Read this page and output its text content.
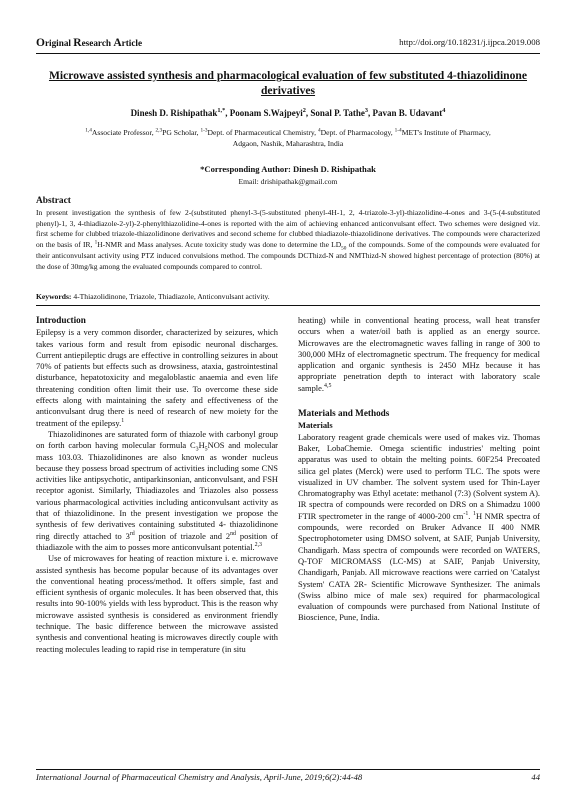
Original Research Article	http://doi.org/10.18231/j.ijpca.2019.008
Microwave assisted synthesis and pharmacological evaluation of few substituted 4-thiazolidinone derivatives
Dinesh D. Rishipathak$^{1,*}$, Poonam S.Wajpeyi$^2$, Sonal P. Tathe$^3$, Pavan B. Udavant$^4$
$^{1,4}$Associate Professor, $^{2,3}$PG Scholar, $^{1-3}$Dept. of Pharmaceutical Chemistry, $^4$Dept. of Pharmacology, $^{1-4}$MET's Institute of Pharmacy,
Adgaon, Nashik, Maharashtra, India
*Corresponding Author: Dinesh D. Rishipathak
Email: drishipathak@gmail.com
Abstract

In present investigation the synthesis of few 2-(substituted phenyl-3-(5-substituted phenyl-4H-1, 2, 4-triazole-3-yl)-thiazolidine-4-ones and 3-(5-(4-substituted phenyl)-1, 3, 4-thiadiazole-2-yl)-2-phenylthiazolidine-4-ones is reported with the aim of achieving enhanced anticonvulsant effect. Two schemes were designed viz. first scheme for clubbed triazole-thiazolidinone derivatives and second scheme for clubbed thiadiazole-thiazolidinone derivatives. The compounds were characterized on the basis of IR, $^1$H-NMR and Mass analyses. Acute toxicity study was done to determine the $LD_{50}$ of the compounds. Some of the compounds were evaluated for their anticonvulsant activity using PTZ induced convulsions method. The compounds DCThizd-N and NMThizd-N showed highest percentage of protection (80%) at the dose of 30mg/kg among the evaluated compounds compared to control.

Keywords: 4-Thiazolidinone, Triazole, Thiadiazole, Anticonvulsant activity.

Introduction

Epilepsy is a very common disorder, characterized by seizures, which takes various form and result from episodic neuronal discharges. Current antiepileptic drugs are effective in controlling seizures in about 70% of patients but effects such as drowsiness, ataxia, gastrointestinal disturbance, hepatotoxicity and megaloblastic anaemia and even life threatening condition often limit their use. To overcome these side effects along with maintaining the safety and effectiveness of the anticonvulsant drug there is need of research of new moiety for the treatment of the epilepsy.$^1$

Thiazolidinones are saturated form of thiazole with carbonyl group on forth carbon having molecular formula $C_3H_5NOS$ and molecular mass 103.03. Thiazolidinones are also known as wonder nucleus because they possess broad spectrum of activities including some CNS activities like antipsychotic, antiparkinsonian, anticonvulsant, and FSH receptor agonist. Similarly, Thiadiazoles and Triazoles also possess various pharmacological activities including anticonvulsant activity as that of thiazolidinone. In the present investigation we propose the synthesis of few derivatives containing substituted 4- thiazolidinone ring directly attached to 3rd position of triazole and 2nd position of thiadiazole with the aim to posses more anticonvulsant potential.$^{2,3}$

Use of microwaves for heating of reaction mixture i. e. microwave assisted synthesis has become popular because of its advantages over the conventional heating process/method. It offers simple, fast and efficient synthesis of organic molecules. It has been observed that, this results into 90-100% yields with less byproduct. This is the reason why microwave assisted synthesis is considered as environment friendly technique. The basic difference between the microwave assisted synthesis and conventional heating is microwaves directly couple with reacting molecules leading to rapid rise in temperature (in situ

heating) while in conventional heating process, wall heat transfer occurs when a water/oil bath is applied as an energy source. Microwaves are the electromagnetic waves falling in range of 300 to 300,000 MHz of electromagnetic spectrum. The frequency for medical application and organic synthesis is 2450 MHz because it has appropriate penetration depth to interact with laboratory scale sample.$^{4,5}$

Materials and Methods

Materials

Laboratory reagent grade chemicals were used of makes viz. Thomas Baker, LobaChemie. Omega scientific industries' melting point apparatus was used to obtain the melting points. 60F254 Precoated silica gel plates (Merck) were used to perform TLC. The spots were visualized in UV chamber. The solvent system used for Thin-Layer Chromatography was Ethyl acetate: methanol (7:3) (Solvent system A). IR spectra of compounds were recorded on DRS on a Shimadzu 1000 FTIR spectrometer in the range of 4000-200 $cm^{-1}$. $^1$H NMR spectra of compounds, were recorded on Bruker Advance II 400 NMR Spectrophotometer using DMSO solvent, at SAIF, Punjab University, Chandigarh. Mass spectra of compounds were recorded on WATERS, Q-TOF MICROMASS (LC-MS) at SAIF, Panjab University, Chandigarh, Panjab. All microwave reactions were carried on 'Catalyst System' CATA 2R- Scientific Microwave Synthesizer. The animals (Swiss albino mice of male sex) required for pharmacological evaluation of compounds were purchased from National Institute of Bioscience, Pune, India.

International Journal of Pharmaceutical Chemistry and Analysis, April-June, 2019;6(2):44-48	44
